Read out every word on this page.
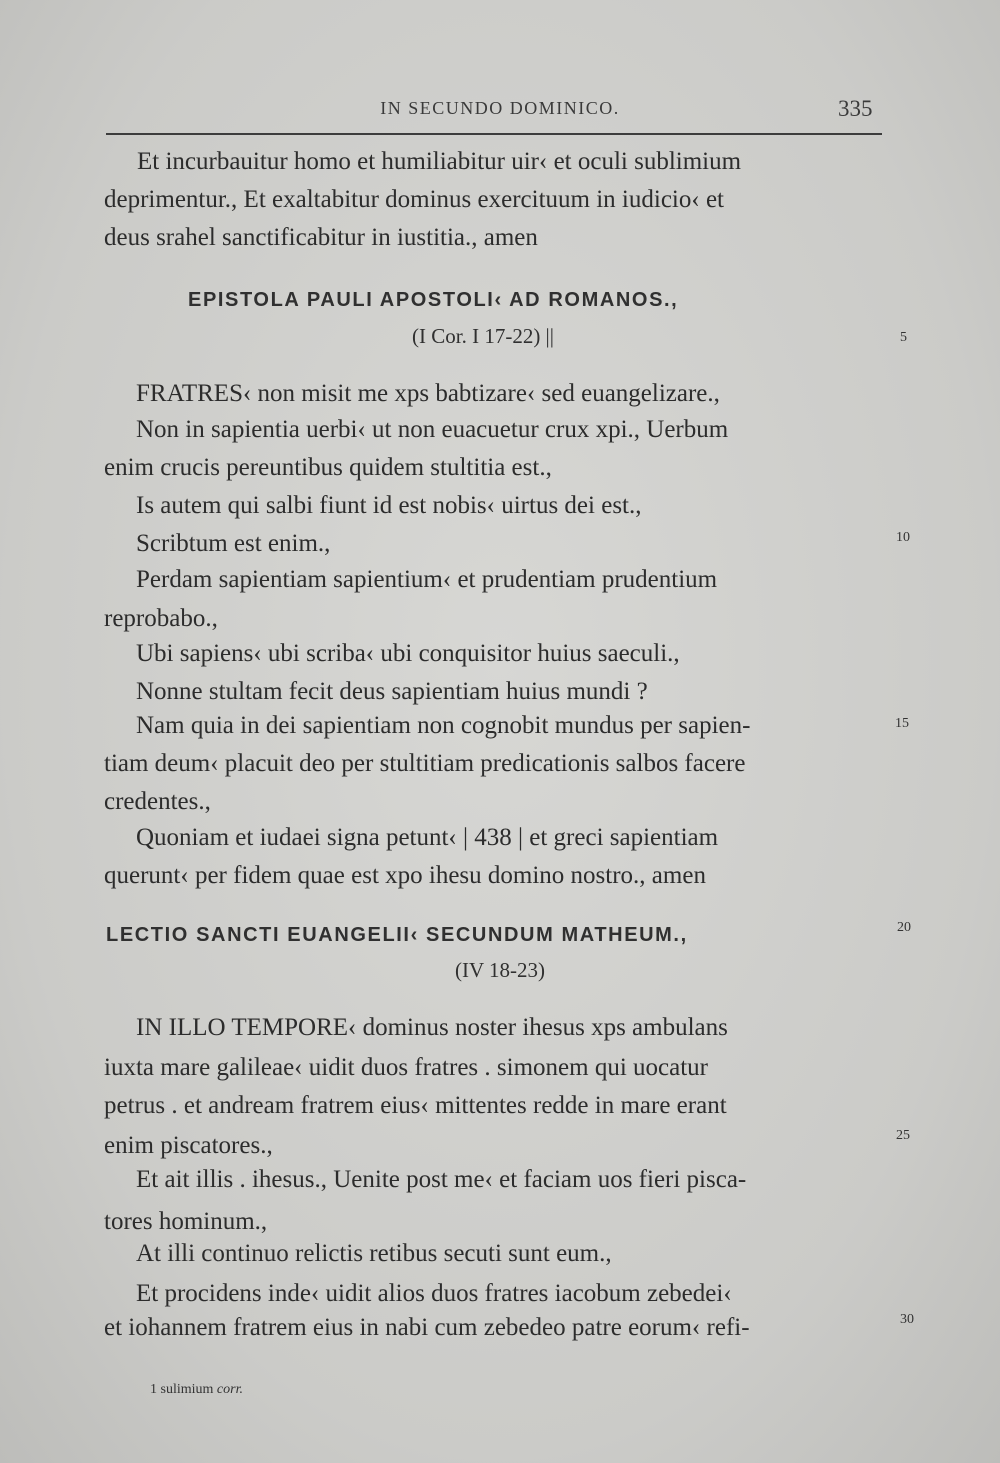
IN SECUNDO DOMINICO.	335
Et incurbauitur homo et humiliabitur uir‹ et oculi sublimium
deprimentur., Et exaltabitur dominus exercituum in iudicio‹ et
deus srahel sanctificabitur in iustitia., amen
EPISTOLA PAULI APOSTOLI‹ AD ROMANOS.,
(I Cor. I 17-22) ||	5
FRATRES‹ non misit me xps babtizare‹ sed euangelizare.,
Non in sapientia uerbi‹ ut non euacuetur crux xpi., Uerbum
enim crucis pereuntibus quidem stultitia est.,
Is autem qui salbi fiunt id est nobis‹ uirtus dei est.,
Scribtum est enim.,	10
Perdam sapientiam sapientium‹ et prudentiam prudentium
reprobabo.,
Ubi sapiens‹ ubi scriba‹ ubi conquisitor huius saeculi.,
Nonne stultam fecit deus sapientiam huius mundi ?
Nam quia in dei sapientiam non cognobit mundus per sapien-	15
tiam deum‹ placuit deo per stultitiam predicationis salbos facere
credentes.,
Quoniam et iudaei signa petunt‹ | 438 | et greci sapientiam
querunt‹ per fidem quae est xpo ihesu domino nostro., amen
LECTIO SANCTI EUANGELII‹ SECUNDUM MATHEUM.,	20
(IV 18-23)
IN ILLO TEMPORE‹ dominus noster ihesus xps ambulans
iuxta mare galileae‹ uidit duos fratres . simonem qui uocatur
petrus . et andream fratrem eius‹ mittentes redde in mare erant
enim piscatores.,	25
Et ait illis . ihesus., Uenite post me‹ et faciam uos fieri pisca-
tores hominum.,
At illi continuo relictis retibus secuti sunt eum.,
Et procidens inde‹ uidit alios duos fratres iacobum zebedei‹
et iohannem fratrem eius in nabi cum zebedeo patre eorum‹ refi-	30
1 sulimium corr.
